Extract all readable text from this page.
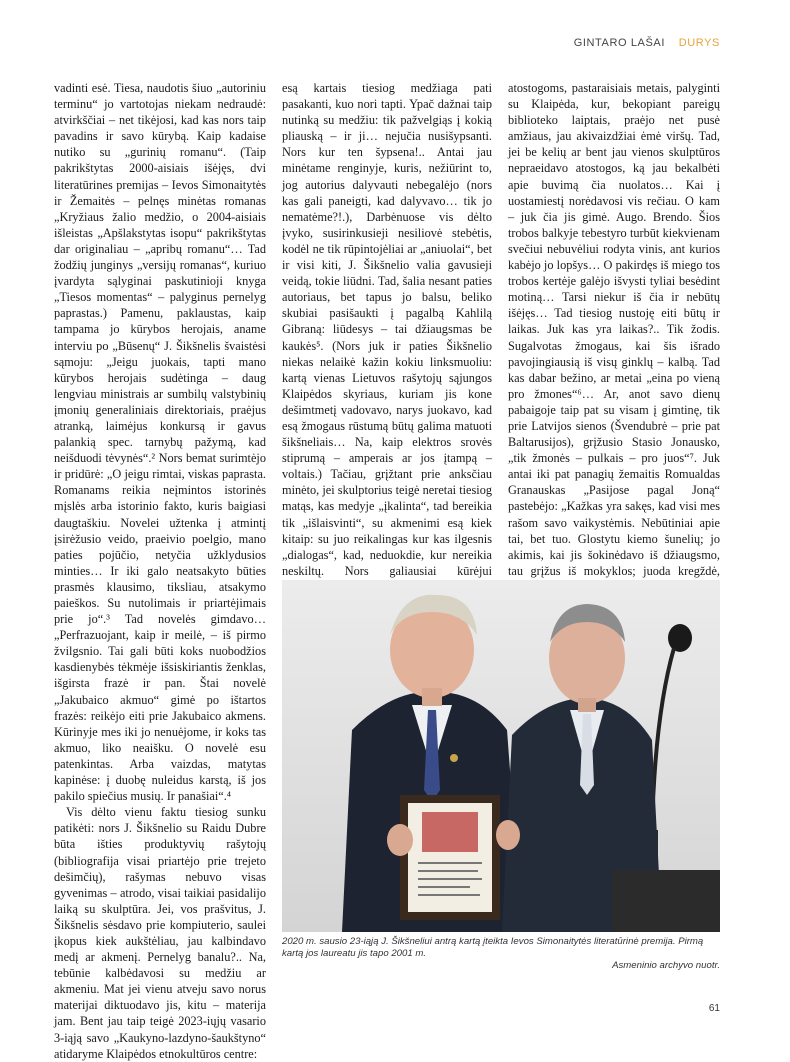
GINTARO LAŠAI DURYS

vadinti esė. Tiesa, naudotis šiuo „autoriniu terminu“ jo vartotojas niekam nedraudė: atvirkščiai – net tikėjosi, kad kas nors taip pavadins ir savo kūrybą. Kaip kadaise nutiko su „gurinių romanu“. (Taip pakrikštytas 2000-aisiais išėjęs, dvi literatūrines premijas – Ievos Simonaitytės ir Žemaitės – pelnęs minėtas romanas „Kryžiaus žalio medžio, o 2004-aisiais išleistas „Apšlakstytas isopu“ pakrikštytas dar originaliau – „apribų romanu“… Tad žodžių junginys „versijų romanas“, kuriuo įvardyta sąlyginai paskutinioji knyga „Tiesos momentas“ – palyginus pernelyg paprastas.) Pamenu, paklaustas, kaip tampama jo kūrybos herojais, aname interviu po „Būsenų“ J. Šikšnelis švaistėsi sąmoju: „Jeigu juokais, tapti mano kūrybos herojais sudėtinga – daug lengviau ministrais ar sumbilų valstybinių įmonių generaliniais direktoriais, praėjus atranką, laimėjus konkursą ir gavus palankią spec. tarnybų pažymą, kad neišduodi tėvynės“.² Nors bemat surimtėjo ir pridūrė: „O jeigu rimtai, viskas paprasta. Romanams reikia neįmintos istorinės mįslės arba istorinio fakto, kuris baigiasi daugtaškiu. Novelei užtenka į atmintį įsirėžusio veido, praeivio poelgio, mano paties pojūčio, netyčia užklydusios minties… Ir iki galo neatsakyto būties prasmės klausimo, tiksliau, atsakymo paieškos. Su nutolimais ir priartėjimais prie jo“.³ Tad novelės gimdavo… „Perfrazuojant, kaip ir meilė, – iš pirmo žvilgsnio. Tai gali būti koks nuobodžios kasdienybės tėkmėje išsiskiriantis ženklas, išgirsta frazė ir pan. Štai novelė „Jakubaico akmuo“ gimė po ištartos frazės: reikėjo eiti prie Jakubaico akmens. Kūrinyje mes iki jo nenuėjome, ir koks tas akmuo, liko neaišku. O novelė esu patenkintas. Arba vaizdas, matytas kapinėse: į duobę nuleidus karstą, iš jos pakilo spiečius musių. Ir panašiai“.⁴

Vis dėlto vienu faktu tiesiog sunku patikėti: nors J. Šikšnelio su Raidu Dubre būta išties produktyvių rašytojų (bibliografija visai priartėjo prie trejeto dešimčių), rašymas nebuvo visas gyvenimas – atrodo, visai taikiai pasidalijo laiką su skulptūra. Jei, vos prašvitus, J. Šikšnelis sėsdavo prie kompiuterio, saulei įkopus kiek aukštėliau, jau kalbindavo medį ar akmenį. Pernelyg banalu?.. Na, tebūnie kalbėdavosi su medžiu ar akmeniu. Mat jei vienu atveju savo norus materijai diktuodavo jis, kitu – materija jam. Bent jau taip teigė 2023-iųjų vasario 3-iąją savo „Kaukyno-lazdyno-šaukštyno“ atidaryme Klaipėdos etnokultūros centre:

esą kartais tiesiog medžiaga pati pasakanti, kuo nori tapti. Ypač dažnai taip nutinką su medžiu: tik pažvelgiąs į kokią pliauską – ir ji… nejučia nusišypsanti. Nors kur ten šypsena!.. Antai jau minėtame renginyje, kuris, nežiūrint to, jog autorius dalyvauti nebegalėjo (nors kas gali paneigti, kad dalyvavo… tik jo nematėme?!.), Darbėnuose vis dėlto įvyko, susirinkusieji nesiliovė stebėtis, kodėl ne tik rūpintojėliai ar „aniuolai“, bet ir visi kiti, J. Šikšnelio valia gavusieji veidą, tokie liūdni. Tad, šalia nesant paties autoriaus, bet tapus jo balsu, beliko skubiai pasišaukti į pagalbą Kahlilą Gibraną: liūdesys – tai džiaugsmas be kaukės⁵. (Nors juk ir paties Šikšnelio niekas nelaikė kažin kokiu linksmuoliu: kartą vienas Lietuvos rašytojų sąjungos Klaipėdos skyriaus, kuriam jis kone dešimtmetį vadovavo, narys juokavo, kad esą žmogaus rūstumą būtų galima matuoti šikšneliais… Na, kaip elektros srovės stiprumą – amperais ar jos įtampą – voltais.) Tačiau, grįžtant prie anksčiau minėto, jei skulptorius teigė neretai tiesiog matąs, kas medyje „įkalinta“, tad bereikia tik „išlaisvinti“, su akmenimi esą kiek kitaip: su juo reikalingas kur kas ilgesnis „dialogas“, kad, neduokdie, kur nereikia neskiltų. Nors galiausiai kūrėjui

atostogoms, pastaraisiais metais, palyginti su Klaipėda, kur, bekopiant pareigų biblioteko laiptais, praėjo net pusė amžiaus, jau akivaizdžiai ėmė viršų. Tad, jei be kelių ar bent jau vienos skulptūros nepraeidavo atostogos, ką jau bekalbėti apie buvimą čia nuolatos… Kai į uostamiestį norėdavosi vis rečiau. O kam – juk čia jis gimė. Augo. Brendo. Šios trobos balkyje tebestyro turbūt kiekvienam svečiui nebuvėliui rodyta vinis, ant kurios kabėjo jo lopšys… O pakirdęs iš miego tos trobos kertėje galėjo išvysti tyliai besėdint motiną… Tarsi niekur iš čia ir nebūtų išėjęs… Tad tiesiog nustoję eiti būtų ir laikas. Juk kas yra laikas?.. Tik žodis. Sugalvotas žmogaus, kai šis išrado pavojingiausią iš visų ginklų – kalbą. Tad kas dabar bežino, ar metai „eina po vieną pro žmones“⁶… Ar, anot savo dienų pabaigoje taip pat su visam į gimtinę, tik prie Latvijos sienos (Švendubrė – prie pat Baltarusijos), grįžusio Stasio Jonausko, „tik žmonės – pulkais – pro juos“⁷. Juk antai iki pat panagių žemaitis Romualdas Granauskas „Pasijose pagal Joną“ pastebėjo: „Kažkas yra sakęs, kad visi mes rašom savo vaikystėmis. Nebūtiniai apie tai, bet tuo. Glostytu kiemo šunelių; jo akimis, kai jis šokinėdavo iš džiaugsmo, tau grįžus iš mokyklos; juoda kregždė,

2020 m. sausio 23-iąją J. Šikšneliui antrą kartą įteikta Ievos Simonaitytės literatūrinė premija. Pirmą kartą jos laureatu jis tapo 2001 m.
Asmeninio archyvo nuotr.
61
